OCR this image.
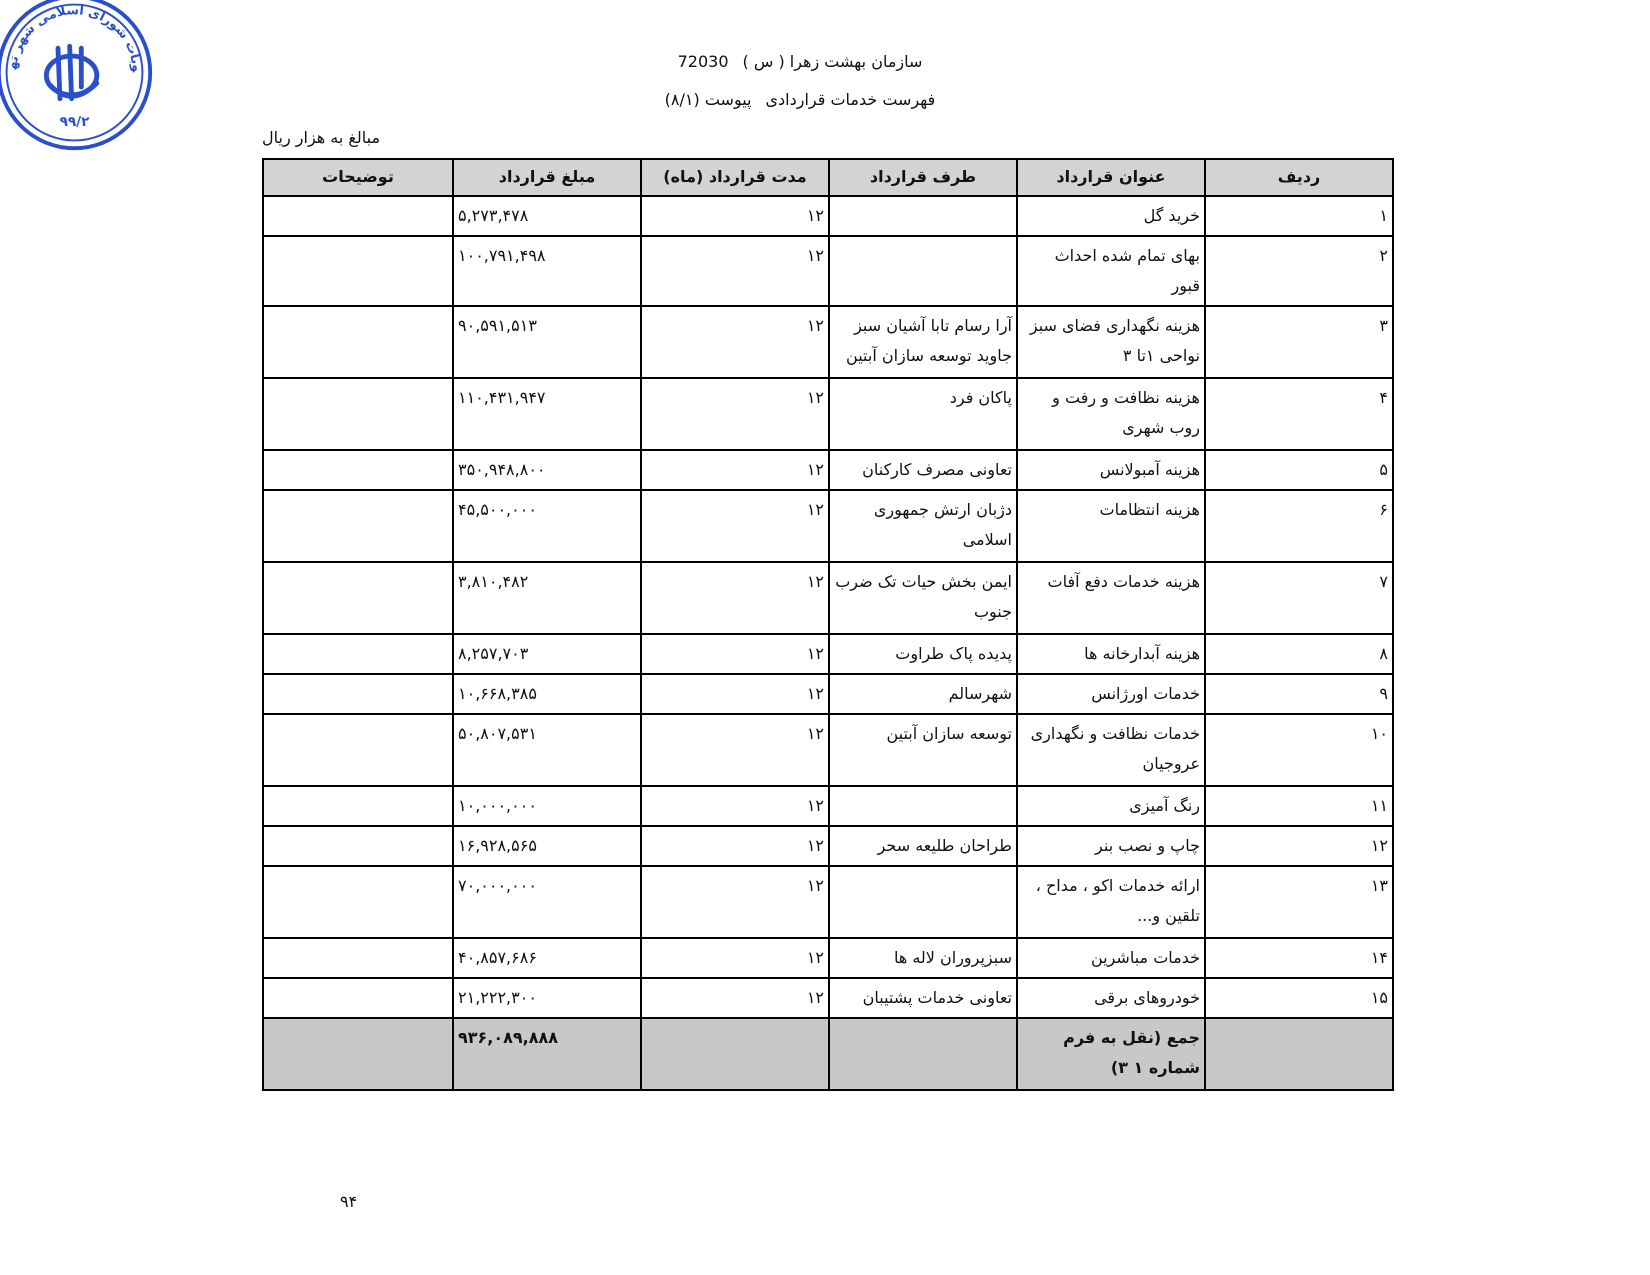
وبات شورای اسلامی شهر ته
۹۹/۲
سازمان بهشت زهرا ( س )72030
فهرست خدمات قراردادیپیوست (۸/۱)
مبالغ به هزار ریال
ردیف	عنوان قرارداد	طرف قرارداد	مدت قرارداد (ماه)	مبلغ قرارداد	توضیحات
۱	خرید گل		۱۲	۵,۲۷۳,۴۷۸	
۲	بهای تمام شده احداث قبور		۱۲	۱۰۰,۷۹۱,۴۹۸	
۳	هزینه نگهداری فضای سبز نواحی ۱تا ۳	آرا رسام تابا آشیان سبز جاوید توسعه سازان آبتین	۱۲	۹۰,۵۹۱,۵۱۳	
۴	هزینه نظافت و رفت و روب شهری	پاکان فرد	۱۲	۱۱۰,۴۳۱,۹۴۷	
۵	هزینه آمبولانس	تعاونی مصرف کارکنان	۱۲	۳۵۰,۹۴۸,۸۰۰	
۶	هزینه انتظامات	دژبان ارتش جمهوری اسلامی	۱۲	۴۵,۵۰۰,۰۰۰	
۷	هزینه خدمات دفع آفات	ایمن بخش حیات تک ضرب جنوب	۱۲	۳,۸۱۰,۴۸۲	
۸	هزینه آبدارخانه ها	پدیده پاک طراوت	۱۲	۸,۲۵۷,۷۰۳	
۹	خدمات اورژانس	شهرسالم	۱۲	۱۰,۶۶۸,۳۸۵	
۱۰	خدمات نظافت و نگهداری عروجیان	توسعه سازان آبتین	۱۲	۵۰,۸۰۷,۵۳۱	
۱۱	رنگ آمیزی		۱۲	۱۰,۰۰۰,۰۰۰	
۱۲	چاپ و نصب بنر	طراحان طلیعه سحر	۱۲	۱۶,۹۲۸,۵۶۵	
۱۳	ارائه خدمات اکو ، مداح ، تلقین و...		۱۲	۷۰,۰۰۰,۰۰۰	
۱۴	خدمات مباشرین	سبزپروران لاله ها	۱۲	۴۰,۸۵۷,۶۸۶	
۱۵	خودروهای برقی	تعاونی خدمات پشتیبان	۱۲	۲۱,۲۲۲,۳۰۰	
	جمع (نقل به فرم شماره ۱ ۳)			۹۳۶,۰۸۹,۸۸۸	
۹۴
